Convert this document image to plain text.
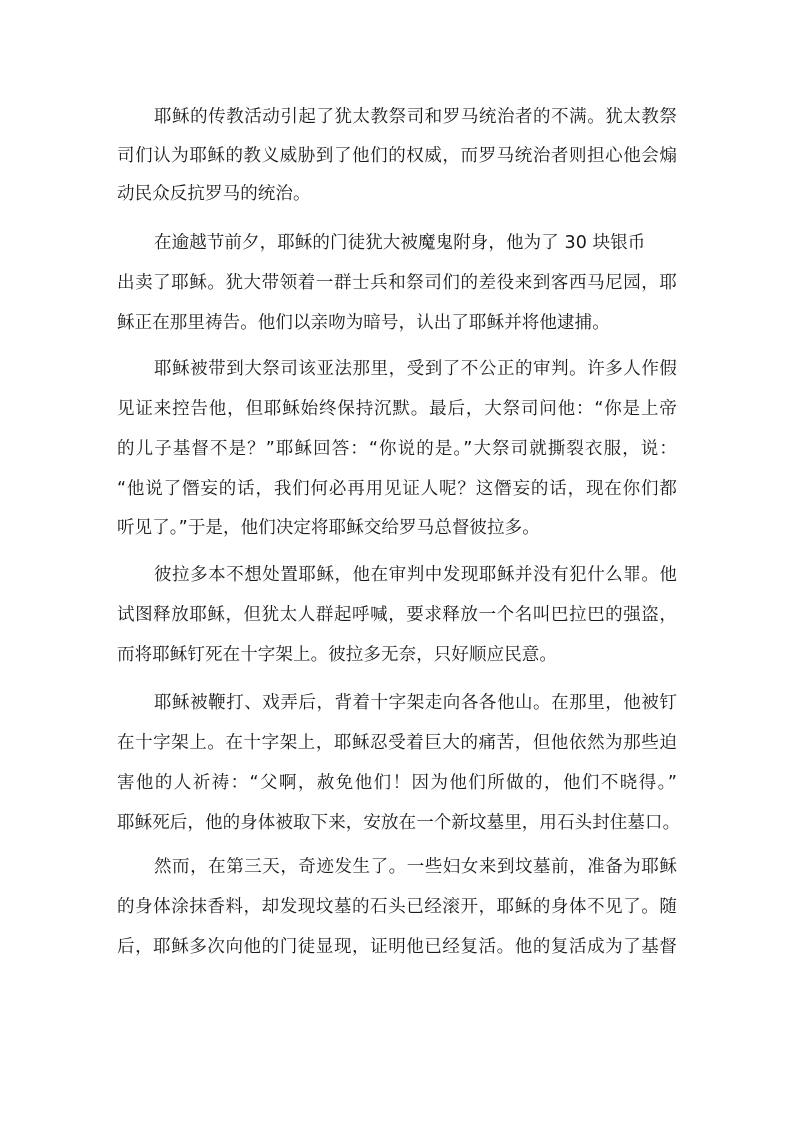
耶稣的传教活动引起了犹太教祭司和罗马统治者的不满。犹太教祭
司们认为耶稣的教义威胁到了他们的权威，而罗马统治者则担心他会煽
动民众反抗罗马的统治。
在逾越节前夕，耶稣的门徒犹大被魔鬼附身，他为了 30 块银币
出卖了耶稣。犹大带领着一群士兵和祭司们的差役来到客西马尼园，耶
稣正在那里祷告。他们以亲吻为暗号，认出了耶稣并将他逮捕。
耶稣被带到大祭司该亚法那里，受到了不公正的审判。许多人作假
见证来控告他，但耶稣始终保持沉默。最后，大祭司问他：“你是上帝
的儿子基督不是？”耶稣回答：“你说的是。”大祭司就撕裂衣服，说：
“他说了僭妄的话，我们何必再用见证人呢？这僭妄的话，现在你们都
听见了。”于是，他们决定将耶稣交给罗马总督彼拉多。
彼拉多本不想处置耶稣，他在审判中发现耶稣并没有犯什么罪。他
试图释放耶稣，但犹太人群起呼喊，要求释放一个名叫巴拉巴的强盗，
而将耶稣钉死在十字架上。彼拉多无奈，只好顺应民意。
耶稣被鞭打、戏弄后，背着十字架走向各各他山。在那里，他被钉
在十字架上。在十字架上，耶稣忍受着巨大的痛苦，但他依然为那些迫
害他的人祈祷：“父啊，赦免他们！因为他们所做的，他们不晓得。”
耶稣死后，他的身体被取下来，安放在一个新坟墓里，用石头封住墓口。
然而，在第三天，奇迹发生了。一些妇女来到坟墓前，准备为耶稣
的身体涂抹香料，却发现坟墓的石头已经滚开，耶稣的身体不见了。随
后，耶稣多次向他的门徒显现，证明他已经复活。他的复活成为了基督
